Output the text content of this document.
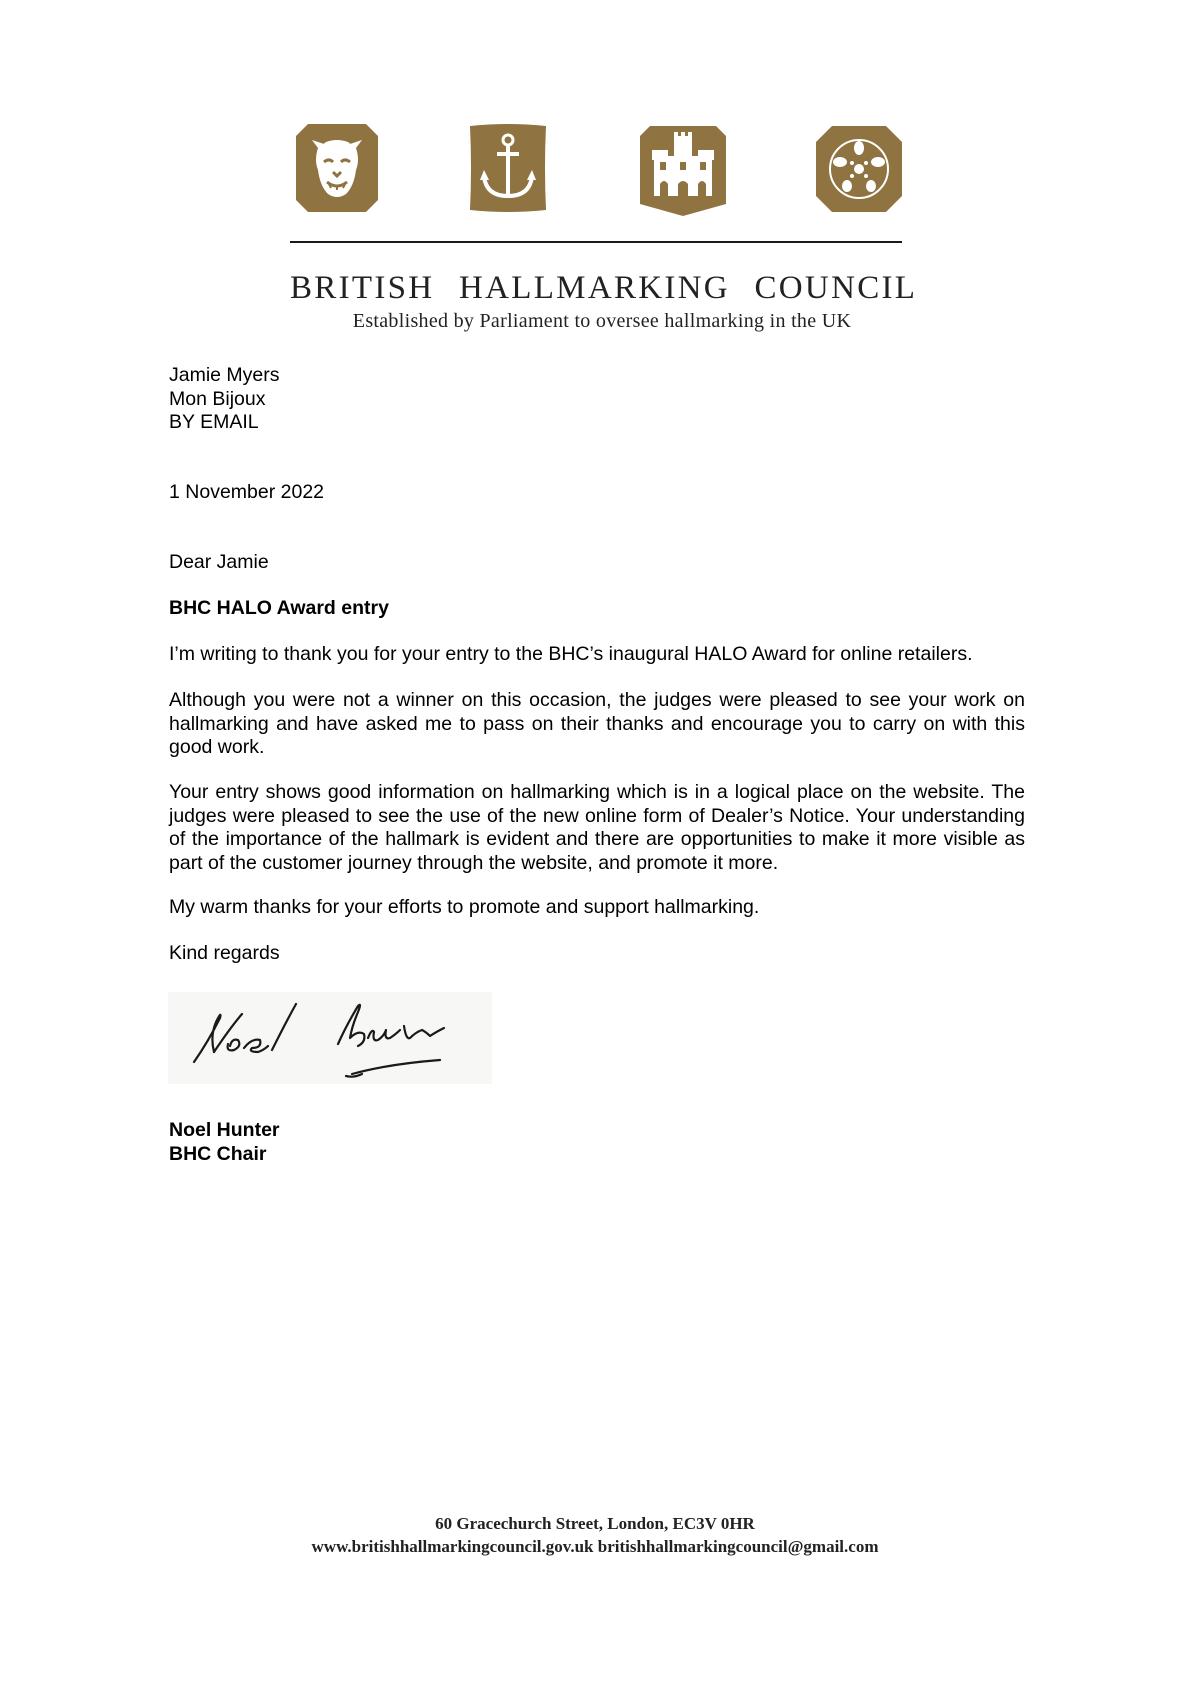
BRITISH HALLMARKING COUNCIL
Established by Parliament to oversee hallmarking in the UK
Jamie Myers
Mon Bijoux
BY EMAIL
1 November 2022
Dear Jamie
BHC HALO Award entry
I’m writing to thank you for your entry to the BHC’s inaugural HALO Award for online retailers.
Although you were not a winner on this occasion, the judges were pleased to see your work on hallmarking and have asked me to pass on their thanks and encourage you to carry on with this good work.
Your entry shows good information on hallmarking which is in a logical place on the website. The judges were pleased to see the use of the new online form of Dealer’s Notice. Your understanding of the importance of the hallmark is evident and there are opportunities to make it more visible as part of the customer journey through the website, and promote it more.
My warm thanks for your efforts to promote and support hallmarking.
Kind regards
Noel Hunter
BHC Chair
60 Gracechurch Street, London, EC3V 0HR
www.britishhallmarkingcouncil.gov.uk britishhallmarkingcouncil@gmail.com
